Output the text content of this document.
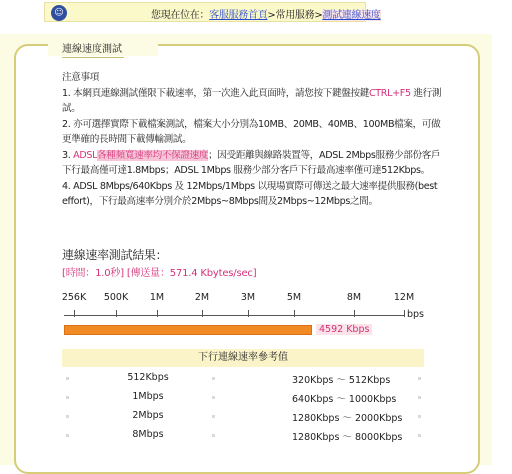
☺	您現在位在：客服服務首頁>常用服務>測試連線速度
連線速度測試

注意事項

1. 本網頁連線測試僅限下載速率，第一次進入此頁面時，請您按下鍵盤按鍵CTRL+F5 進行測試。

2. 亦可選擇實際下載檔案測試，檔案大小分別為10MB、20MB、40MB、100MB檔案，可做更準確的長時間下載傳輸測試。

3. ADSL各種頻寬速率均不保證速度；因受距離與線路裝置等，ADSL 2Mbps服務少部份客戶下行最高僅可達1.8Mbps；ADSL 1Mbps 服務少部分客戶下行最高速率僅可達512Kbps。

4. ADSL 8Mbps/640Kbps 及 12Mbps/1Mbps 以現場實際可傳送之最大速率提供服務(best effort)，下行最高速率分別介於2Mbps~8Mbps間及2Mbps~12Mbps之間。

連線速率測試結果：
[時間：1.0秒] [傳送量：571.4 Kbytes/sec]
bps
4592 Kbps
256K 500K 1M	2M	3M	5M	8M	12M
下行連線速率參考值
512Kbps	320Kbps ～ 512Kbps
1Mbps	640Kbps ～ 1000Kbps
2Mbps	1280Kbps ～ 2000Kbps
8Mbps	1280Kbps ～ 8000Kbps
